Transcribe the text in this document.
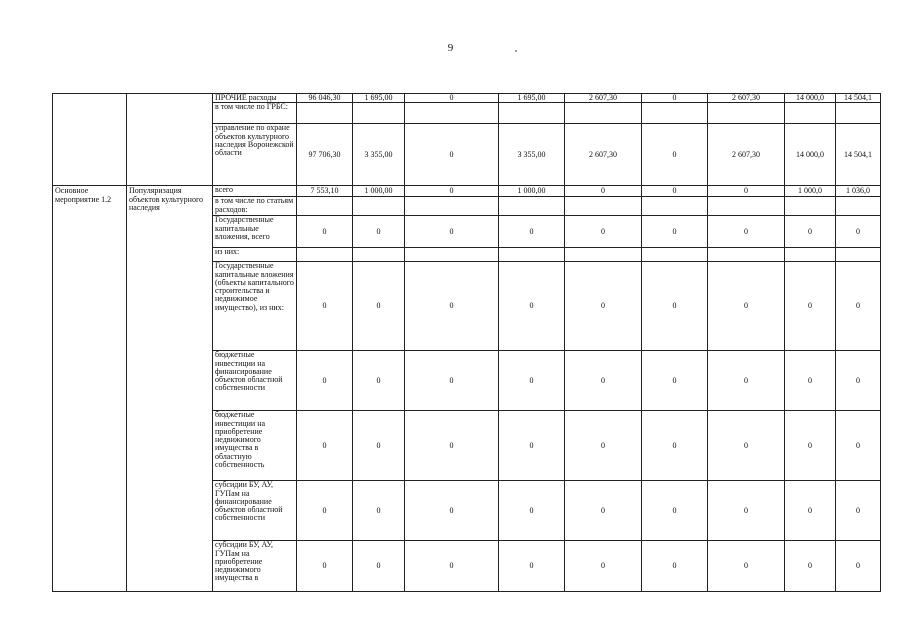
9
		ПРОЧИЕ расходы	96 046,30	1 695,00	0	1 695,00	2 607,30	0	2 607,30	14 000,0	14 504,1
		в том числе по ГРБС:									
		управление по охране объектов культурного наследия Воронежской области	97 706,30	3 355,00	0	3 355,00	2 607,30	0	2 607,30	14 000,0	14 504,1
Основное мероприятие 1.2	Популяризация объектов культурного наследия	всего	7 553,10	1 000,00	0	1 000,00	0	0	0	1 000,0	1 036,0
		в том числе по статьям расходов:									
		Государственные капитальные вложения, всего	0	0	0	0	0	0	0	0	0
		из них:									
		Государственные капитальные вложения (объекты капитального строительства и недвижимое имущество), из них:	0	0	0	0	0	0	0	0	0
		бюджетные инвестиции на финансирование объектов областной собственности	0	0	0	0	0	0	0	0	0
		бюджетные инвестиции на приобретение недвижимого имущества в областную собственность	0	0	0	0	0	0	0	0	0
		субсидии БУ, АУ, ГУПам на финансирование объектов областной собственности	0	0	0	0	0	0	0	0	0
		субсидии БУ, АУ, ГУПам на приобретение недвижимого имущества в	0	0	0	0	0	0	0	0	0
